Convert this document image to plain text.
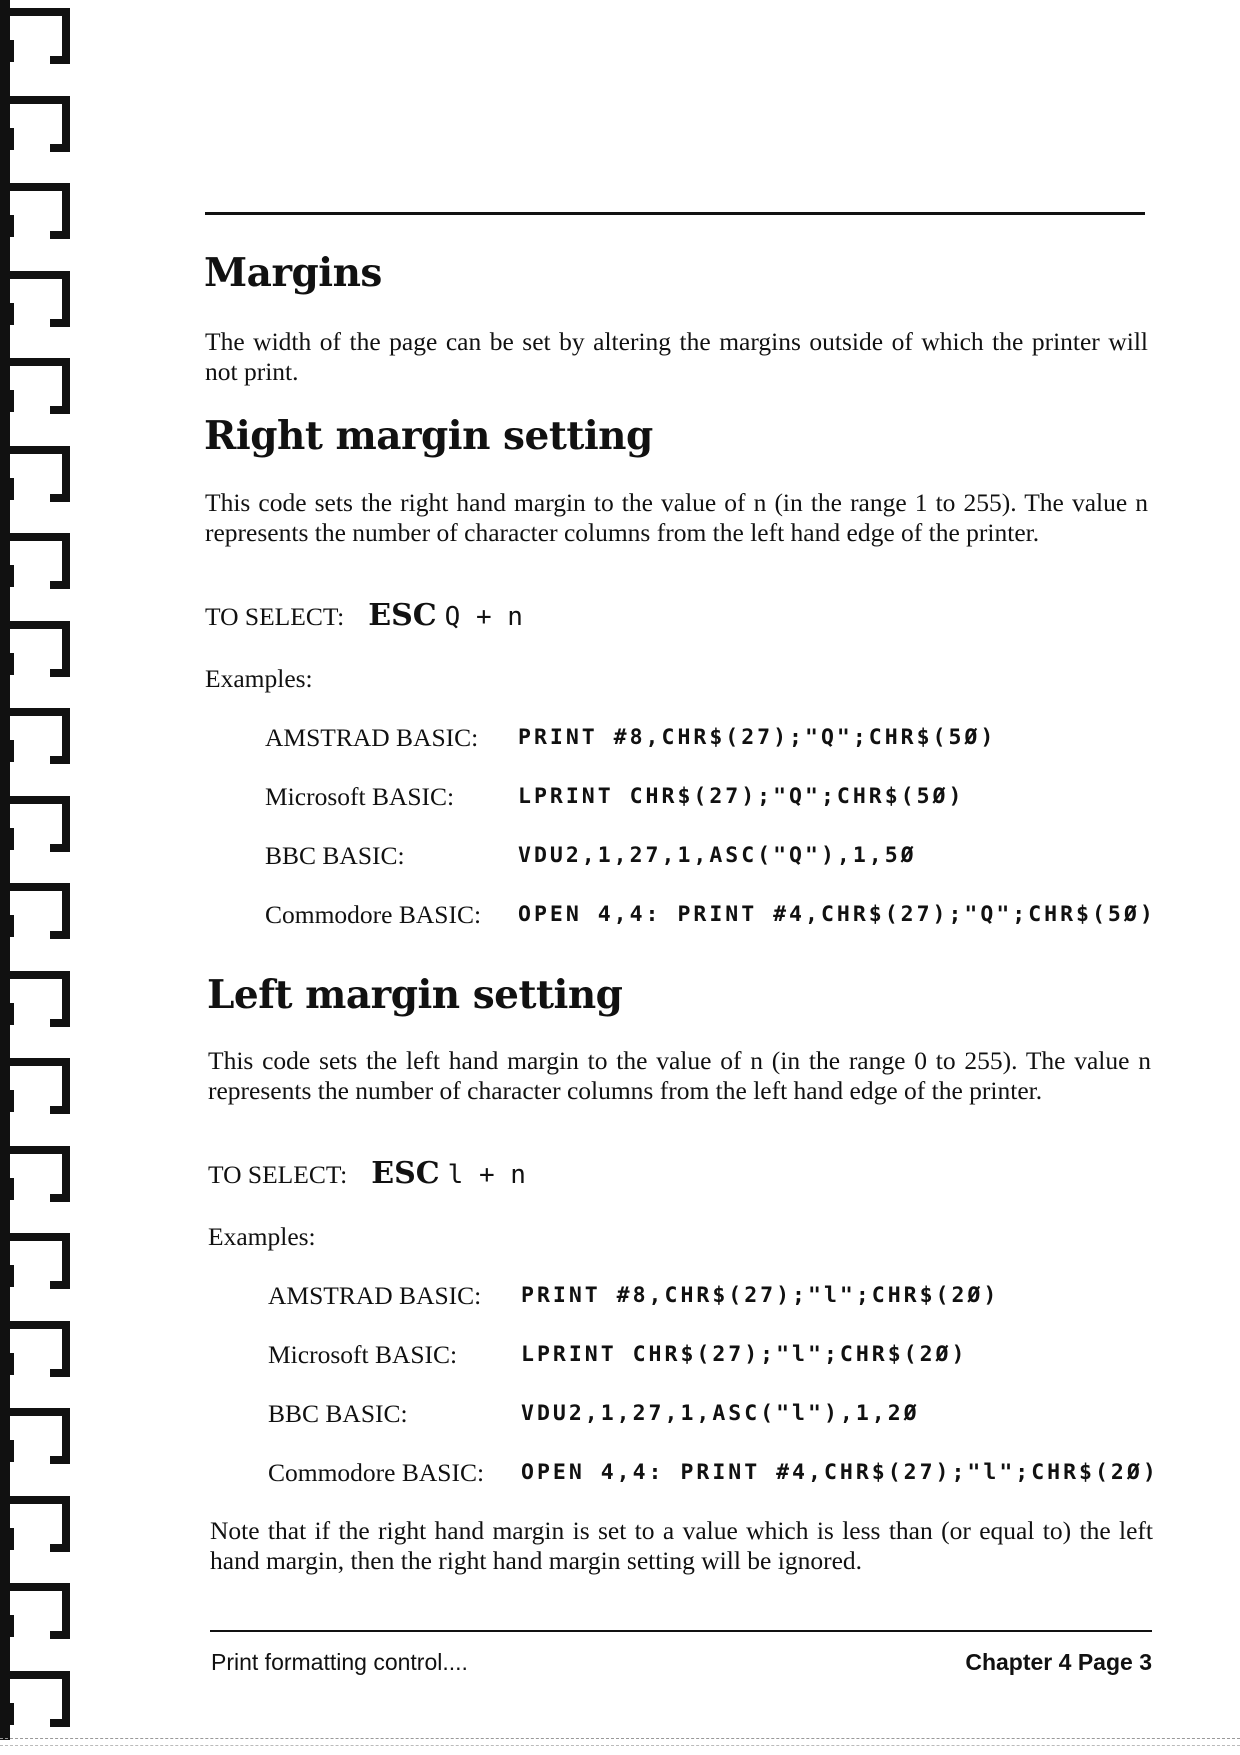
Margins

The width of the page can be set by altering the margins outside of which the printer will not print.

Right margin setting

This code sets the right hand margin to the value of n (in the range 1 to 255). The value n represents the number of character columns from the left hand edge of the printer.

TO SELECT: ESC Q + n
Examples:
AMSTRAD BASIC: PRINT #8,CHR$(27);"Q";CHR$(5Ø)
Microsoft BASIC:	LPRINT CHR$(27);"Q";CHR$(5Ø)
BBC BASIC:	VDU2,1,27,1,ASC("Q"),1,5Ø
Commodore BASIC: OPEN 4,4: PRINT #4,CHR$(27);"Q";CHR$(5Ø)
Left margin setting

This code sets the left hand margin to the value of n (in the range 0 to 255). The value n represents the number of character columns from the left hand edge of the printer.

TO SELECT: ESC l + n
Examples:
AMSTRAD BASIC: PRINT #8,CHR$(27);"l";CHR$(2Ø)
Microsoft BASIC:	LPRINT CHR$(27);"l";CHR$(2Ø)
BBC BASIC:	VDU2,1,27,1,ASC("l"),1,2Ø
Commodore BASIC: OPEN 4,4: PRINT #4,CHR$(27);"l";CHR$(2Ø)

Note that if the right hand margin is set to a value which is less than (or equal to) the left hand margin, then the right hand margin setting will be ignored.

Print formatting control....	Chapter 4 Page 3
